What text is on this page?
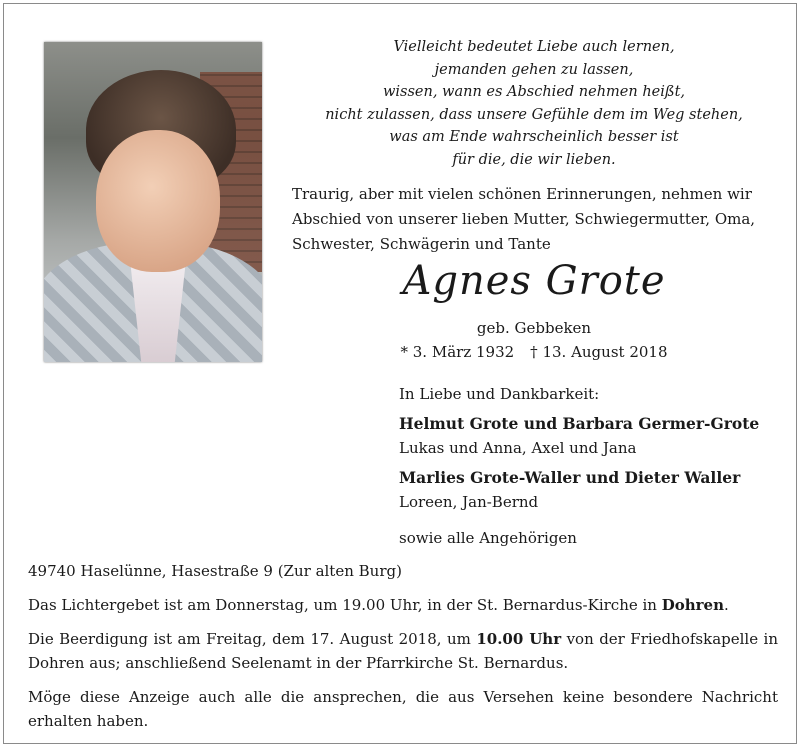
Vielleicht bedeutet Liebe auch lernen,
jemanden gehen zu lassen,
wissen, wann es Abschied nehmen heißt,
nicht zulassen, dass unsere Gefühle dem im Weg stehen,
was am Ende wahrscheinlich besser ist
für die, die wir lieben.
Traurig, aber mit vielen schönen Erinnerungen, nehmen wir
Abschied von unserer lieben Mutter, Schwiegermutter, Oma,
Schwester, Schwägerin und Tante
Agnes Grote
geb. Gebbeken
* 3. März 1932 † 13. August 2018
In Liebe und Dankbarkeit:
Helmut Grote und Barbara Germer-Grote
Lukas und Anna, Axel und Jana
Marlies Grote-Waller und Dieter Waller
Loreen, Jan-Bernd
sowie alle Angehörigen

49740 Haselünne, Hasestraße 9 (Zur alten Burg)

Das Lichtergebet ist am Donnerstag, um 19.00 Uhr, in der St. Bernardus-Kirche in Dohren.

Die Beerdigung ist am Freitag, dem 17. August 2018, um 10.00 Uhr von der Friedhofskapelle in Dohren aus; anschließend Seelenamt in der Pfarrkirche St. Bernardus.

Möge diese Anzeige auch alle die ansprechen, die aus Versehen keine besondere Nachricht erhalten haben.
